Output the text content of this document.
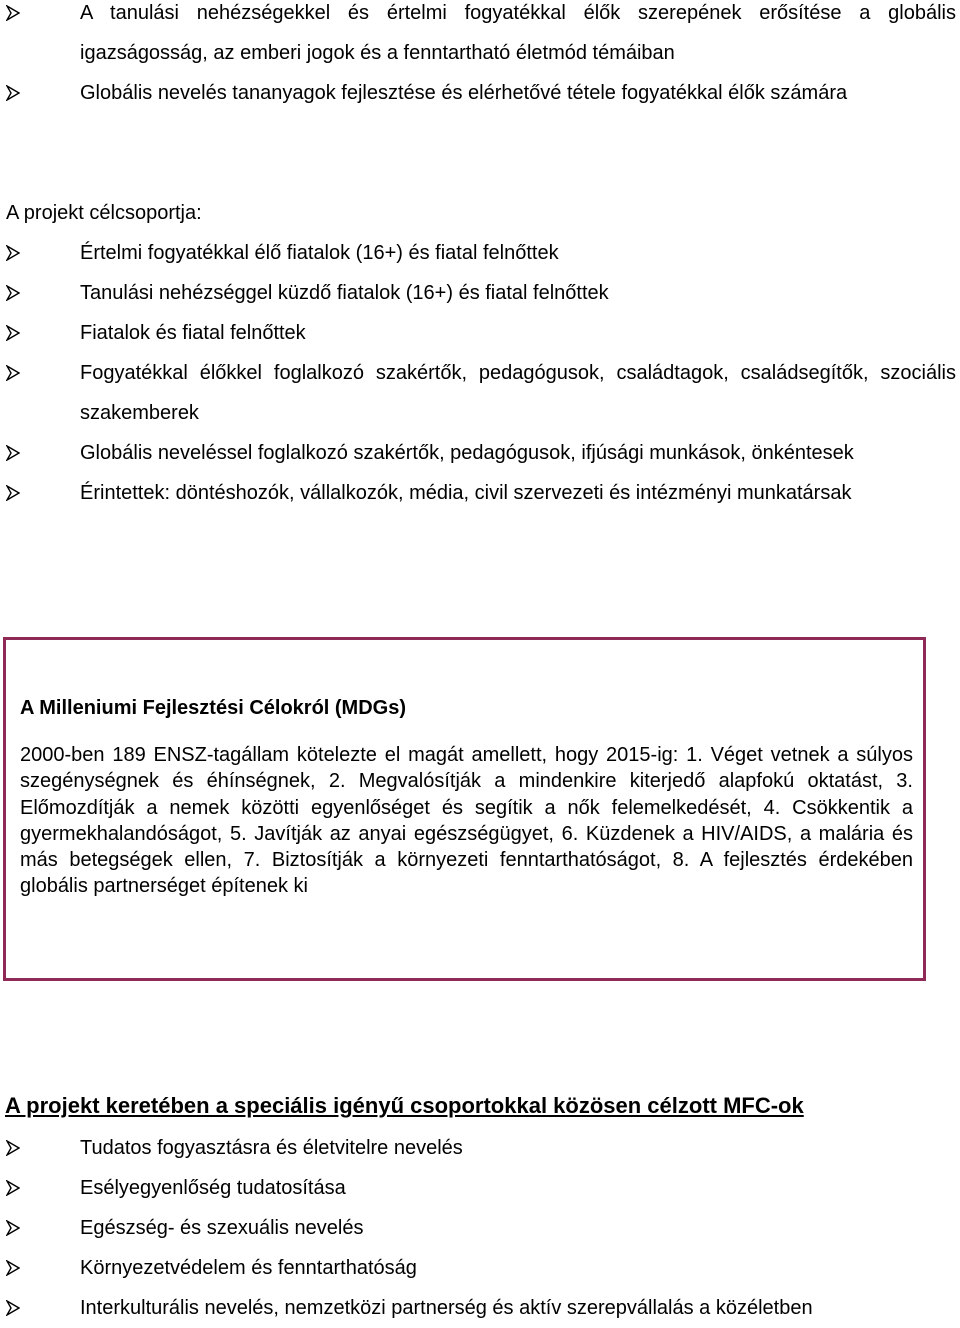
A tanulási nehézségekkel és értelmi fogyatékkal élők szerepének erősítése a globális igazságosság, az emberi jogok és a fenntartható életmód témáiban
Globális nevelés tananyagok fejlesztése és elérhetővé tétele fogyatékkal élők számára
A projekt célcsoportja:
Értelmi fogyatékkal élő fiatalok (16+) és fiatal felnőttek
Tanulási nehézséggel küzdő fiatalok (16+) és fiatal felnőttek
Fiatalok és fiatal felnőttek
Fogyatékkal élőkkel foglalkozó szakértők, pedagógusok, családtagok, családsegítők, szociális szakemberek
Globális neveléssel foglalkozó szakértők, pedagógusok, ifjúsági munkások, önkéntesek
Érintettek: döntéshozók, vállalkozók, média, civil szervezeti és intézményi munkatársak
A Milleniumi Fejlesztési Célokról (MDGs)
2000-ben 189 ENSZ-tagállam kötelezte el magát amellett, hogy 2015-ig: 1. Véget vetnek a súlyos szegénységnek és éhínségnek, 2. Megvalósítják a mindenkire kiterjedő alapfokú oktatást, 3. Előmozdítják a nemek közötti egyenlőséget és segítik a nők felemelkedését, 4. Csökkentik a gyermekhalandóságot, 5. Javítják az anyai egészségügyet, 6. Küzdenek a HIV/AIDS, a malária és más betegségek ellen, 7. Biztosítják a környezeti fenntarthatóságot, 8. A fejlesztés érdekében globális partnerséget építenek ki
A projekt keretében a speciális igényű csoportokkal közösen célzott MFC-ok
Tudatos fogyasztásra és életvitelre nevelés
Esélyegyenlőség tudatosítása
Egészség- és szexuális nevelés
Környezetvédelem és fenntarthatóság
Interkulturális nevelés, nemzetközi partnerség és aktív szerepvállalás a közéletben
